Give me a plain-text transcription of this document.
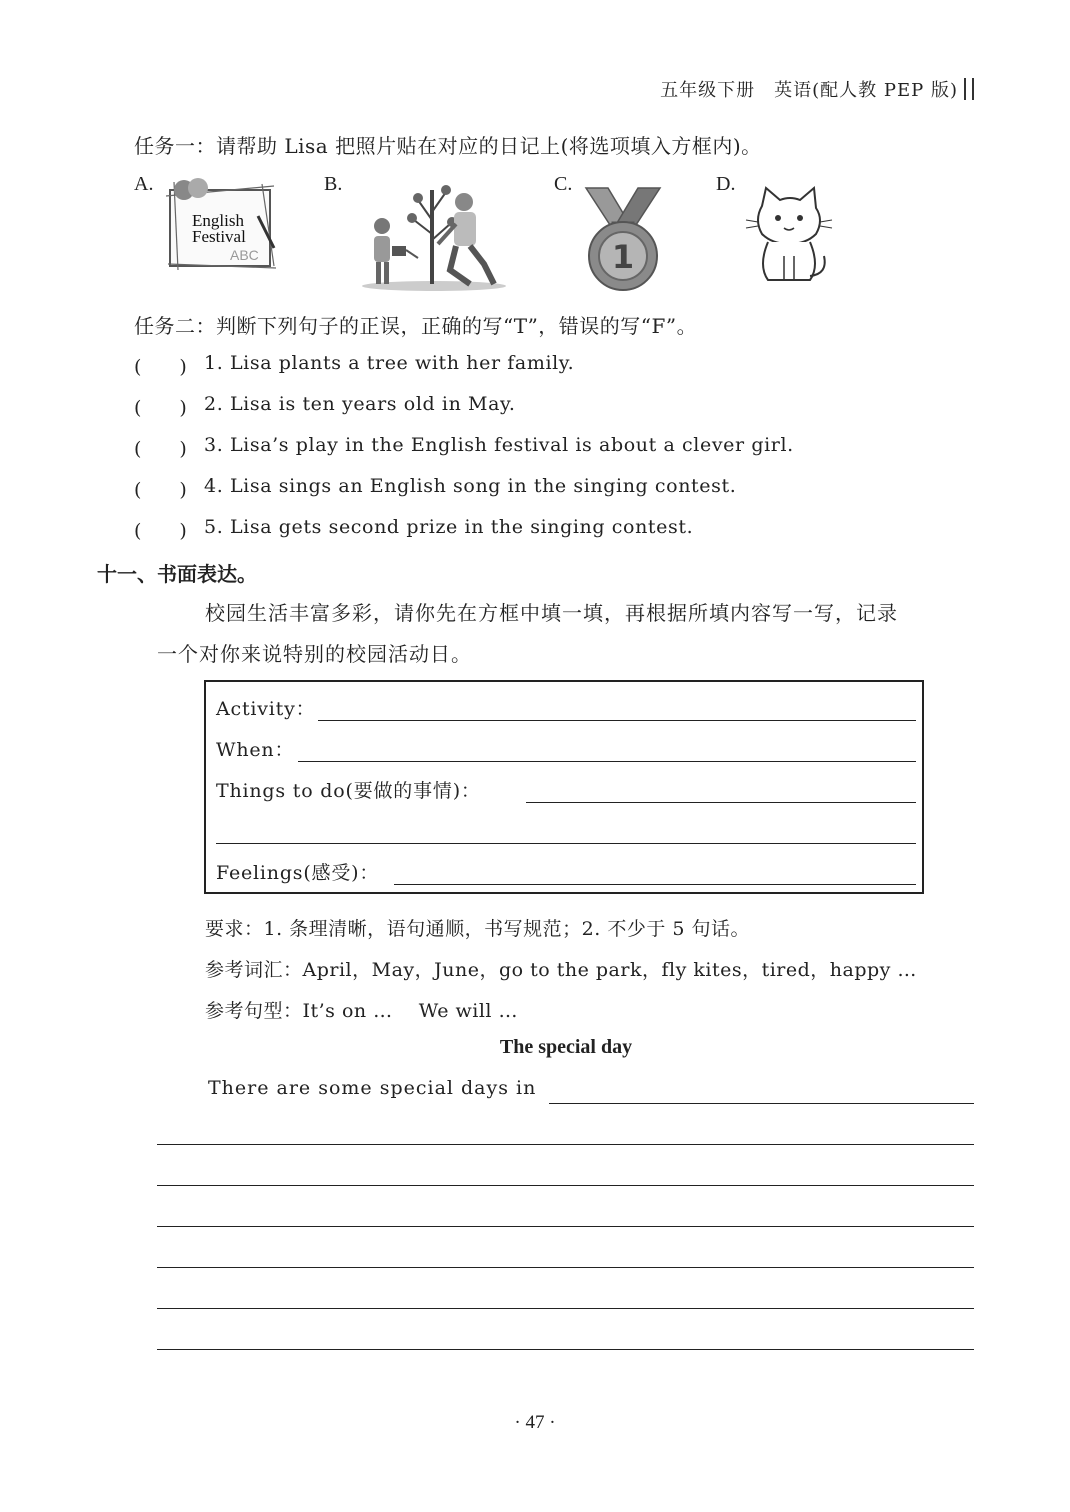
五年级下册　英语(配人教 PEP 版)
任务一：请帮助 Lisa 把照片贴在对应的日记上(将选项填入方框内)。
A.	B.	C.	D.
English
Festival
ABC	1
任务二：判断下列句子的正误，正确的写“T”，错误的写“F”。
(　　) 1. Lisa plants a tree with her family.
(　　) 2. Lisa is ten years old in May.
(　　) 3. Lisa’s play in the English festival is about a clever girl.
(　　) 4. Lisa sings an English song in the singing contest.
(　　) 5. Lisa gets second prize in the singing contest.
十一、书面表达。
校园生活丰富多彩，请你先在方框中填一填，再根据所填内容写一写，记录
一个对你来说特别的校园活动日。
Activity：
When：
Things to do(要做的事情)：
Feelings(感受)：
要求：1. 条理清晰，语句通顺，书写规范；2. 不少于 5 句话。
参考词汇：April，May，June，go to the park，fly kites，tired，happy …
参考句型：It’s on …　 We will …
The special day
There are some special days in
· 47 ·
